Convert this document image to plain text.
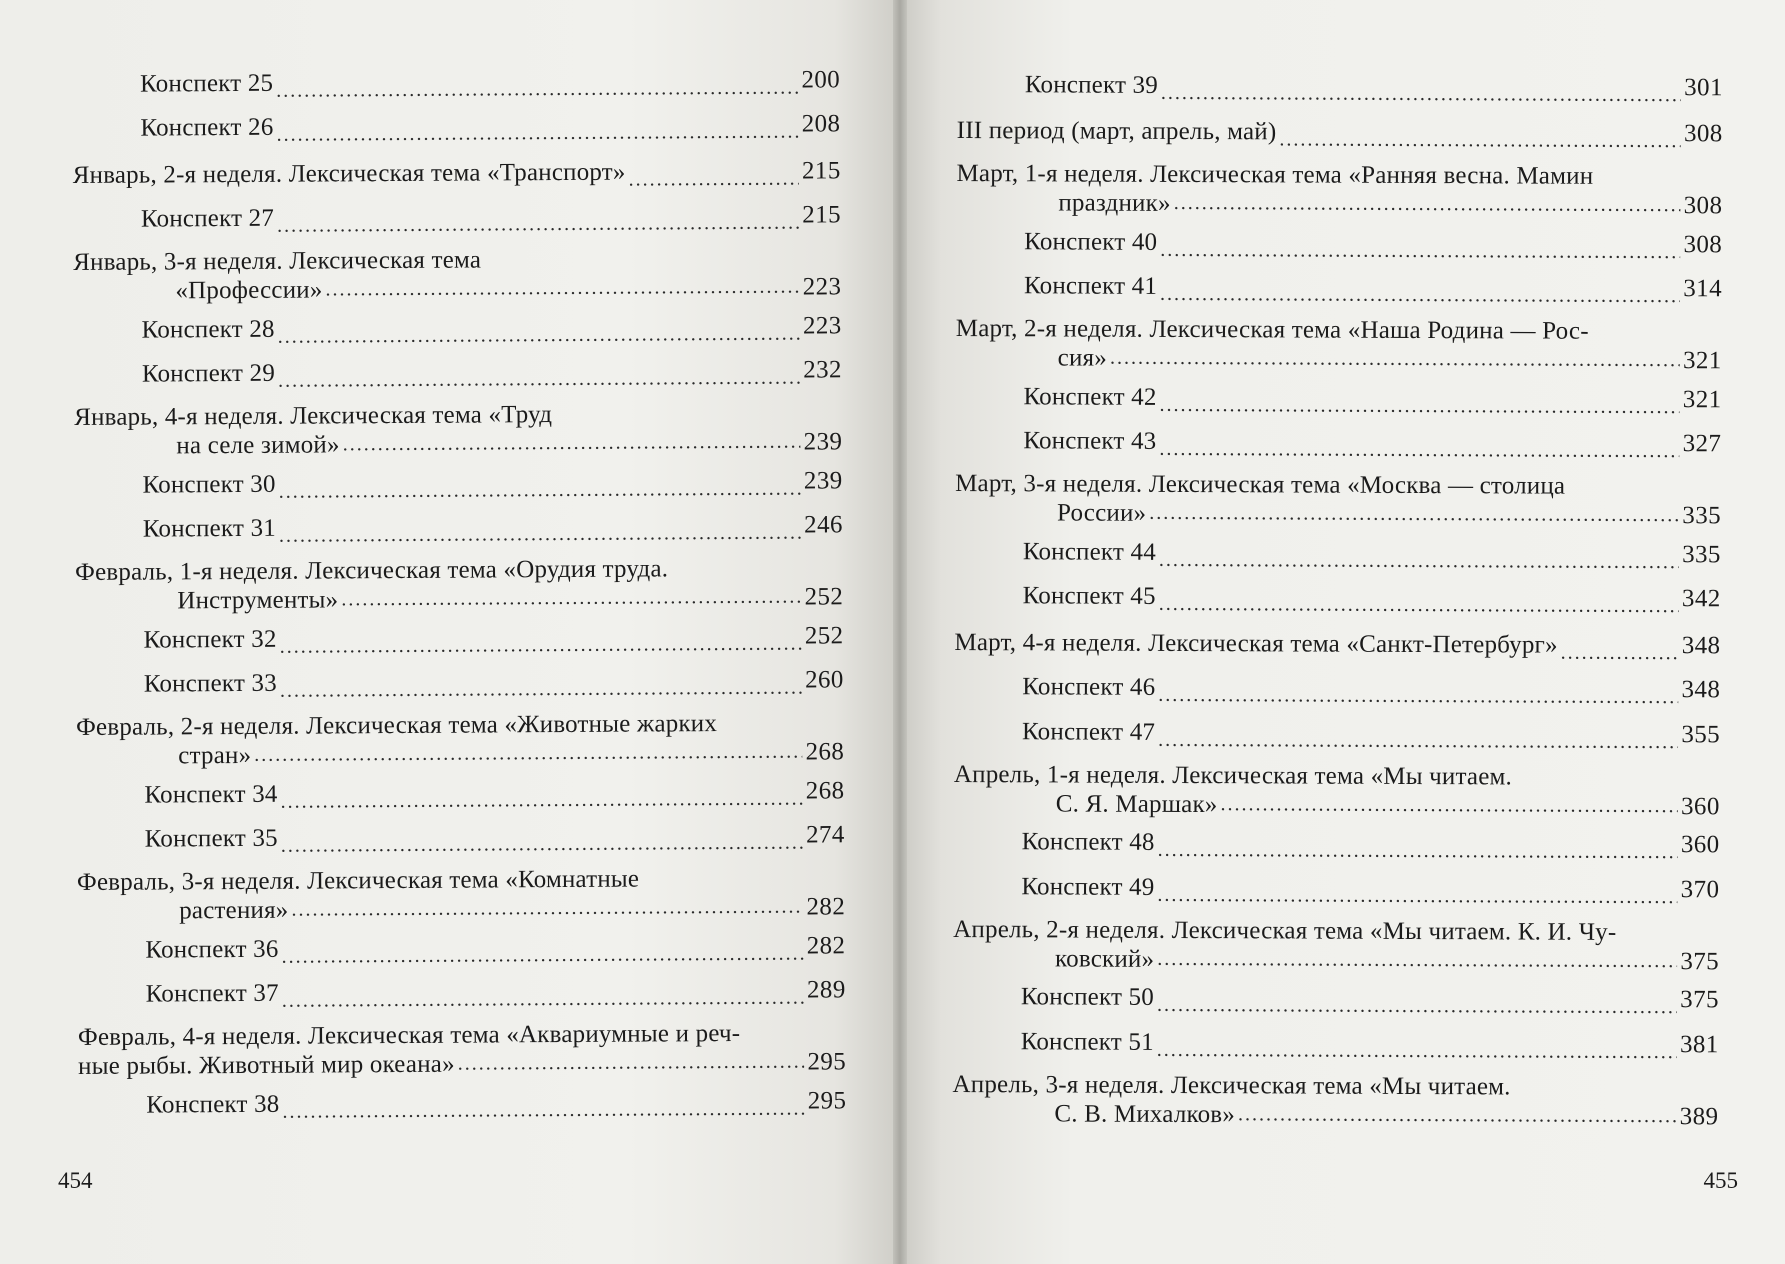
Конспект 25 .....	200
Конспект 26 .....	208
Январь, 2-я неделя. Лексическая тема «Транспорт» .....	215
Конспект 27 .....	215
Январь, 3-я неделя. Лексическая тема
«Профессии» .....	223
Конспект 28 .....	223
Конспект 29 .....	232
Январь, 4-я неделя. Лексическая тема «Труд
на селе зимой» .....	239
Конспект 30 .....	239
Конспект 31 .....	246
Февраль, 1-я неделя. Лексическая тема «Орудия труда.
Инструменты» .....	252
Конспект 32 .....	252
Конспект 33 .....	260
Февраль, 2-я неделя. Лексическая тема «Животные жарких
стран» .....	268
Конспект 34 .....	268
Конспект 35 .....	274
Февраль, 3-я неделя. Лексическая тема «Комнатные
растения» .....	282
Конспект 36 .....	282
Конспект 37 .....	289
Февраль, 4-я неделя. Лексическая тема «Аквариумные и реч-
ные рыбы. Животный мир океана» .....	295
Конспект 38 .....	295
454
Конспект 39 .....	301
III период (март, апрель, май) .....	308
Март, 1-я неделя. Лексическая тема «Ранняя весна. Мамин
праздник» .....	308
Конспект 40 .....	308
Конспект 41 .....	314
Март, 2-я неделя. Лексическая тема «Наша Родина — Рос-
сия» .....	321
Конспект 42 .....	321
Конспект 43 .....	327
Март, 3-я неделя. Лексическая тема «Москва — столица
России» .....	335
Конспект 44 .....	335
Конспект 45 .....	342
Март, 4-я неделя. Лексическая тема «Санкт-Петербург» .....	348
Конспект 46 .....	348
Конспект 47 .....	355
Апрель, 1-я неделя. Лексическая тема «Мы читаем.
С. Я. Маршак» .....	360
Конспект 48 .....	360
Конспект 49 .....	370
Апрель, 2-я неделя. Лексическая тема «Мы читаем. К. И. Чу-
ковский» .....	375
Конспект 50 .....	375
Конспект 51 .....	381
Апрель, 3-я неделя. Лексическая тема «Мы читаем.
С. В. Михалков» .....	389
455
